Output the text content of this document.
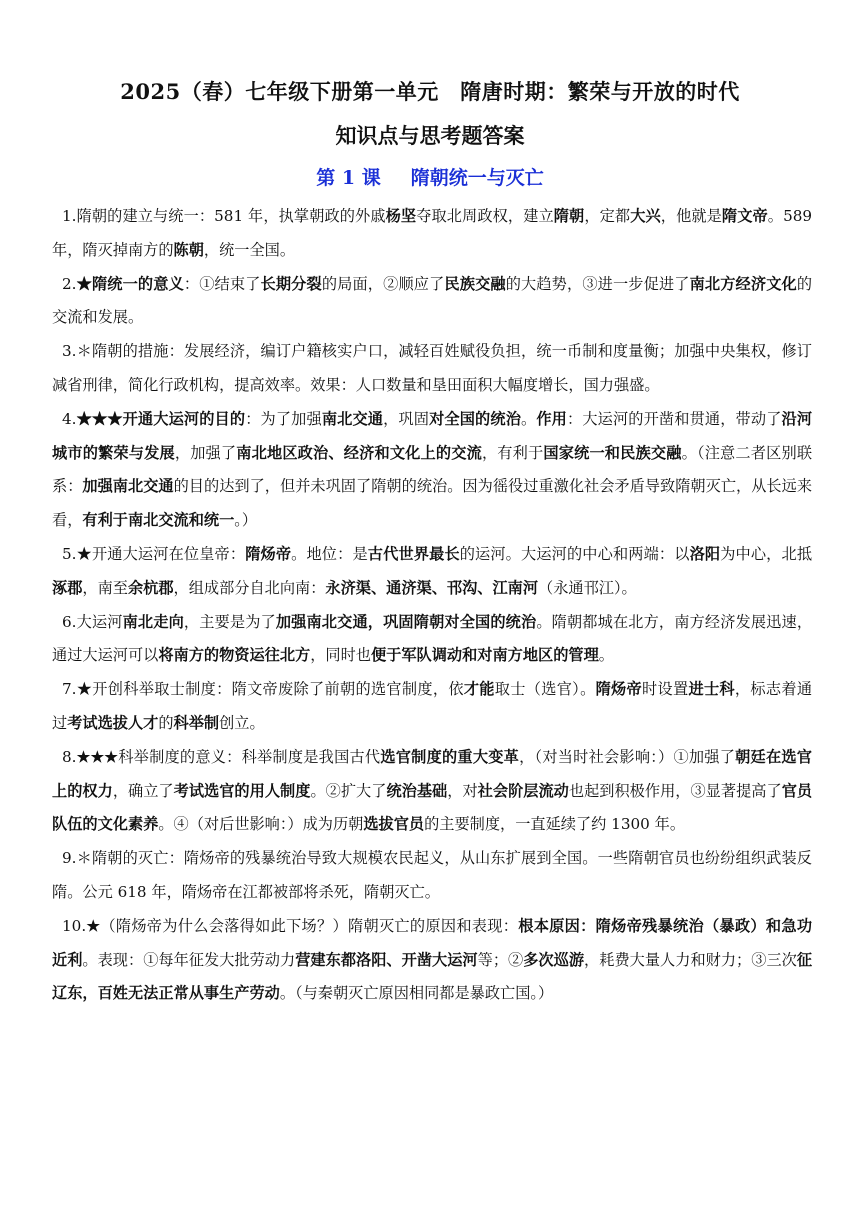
2025（春）七年级下册第一单元　隋唐时期：繁荣与开放的时代
知识点与思考题答案
第 1 课 隋朝统一与灭亡

1.隋朝的建立与统一：581 年，执掌朝政的外戚杨坚夺取北周政权，建立隋朝，定都大兴，他就是隋文帝。589 年，隋灭掉南方的陈朝，统一全国。

2.★隋统一的意义：①结束了长期分裂的局面，②顺应了民族交融的大趋势，③进一步促进了南北方经济文化的交流和发展。

3.＊隋朝的措施：发展经济，编订户籍核实户口，减轻百姓赋役负担，统一币制和度量衡；加强中央集权，修订减省刑律，简化行政机构，提高效率。效果：人口数量和垦田面积大幅度增长，国力强盛。

4.★★★开通大运河的目的：为了加强南北交通，巩固对全国的统治。作用：大运河的开凿和贯通，带动了沿河城市的繁荣与发展，加强了南北地区政治、经济和文化上的交流，有利于国家统一和民族交融。（注意二者区别联系：加强南北交通的目的达到了，但并未巩固了隋朝的统治。因为徭役过重激化社会矛盾导致隋朝灭亡，从长远来看，有利于南北交流和统一。）

5.★开通大运河在位皇帝：隋炀帝。地位：是古代世界最长的运河。大运河的中心和两端：以洛阳为中心，北抵涿郡，南至余杭郡，组成部分自北向南：永济渠、通济渠、邗沟、江南河（永通邗江）。

6.大运河南北走向，主要是为了加强南北交通，巩固隋朝对全国的统治。隋朝都城在北方，南方经济发展迅速，通过大运河可以将南方的物资运往北方，同时也便于军队调动和对南方地区的管理。

7.★开创科举取士制度：隋文帝废除了前朝的选官制度，依才能取士（选官）。隋炀帝时设置进士科，标志着通过考试选拔人才的科举制创立。

8.★★★科举制度的意义：科举制度是我国古代选官制度的重大变革，（对当时社会影响：）①加强了朝廷在选官上的权力，确立了考试选官的用人制度。②扩大了统治基础，对社会阶层流动也起到积极作用，③显著提高了官员队伍的文化素养。④（对后世影响：）成为历朝选拔官员的主要制度，一直延续了约 1300 年。

9.＊隋朝的灭亡：隋炀帝的残暴统治导致大规模农民起义，从山东扩展到全国。一些隋朝官员也纷纷组织武装反隋。公元 618 年，隋炀帝在江都被部将杀死，隋朝灭亡。

10.★（隋炀帝为什么会落得如此下场？）隋朝灭亡的原因和表现：根本原因：隋炀帝残暴统治（暴政）和急功近利。表现：①每年征发大批劳动力营建东都洛阳、开凿大运河等；②多次巡游，耗费大量人力和财力；③三次征辽东，百姓无法正常从事生产劳动。（与秦朝灭亡原因相同都是暴政亡国。）
